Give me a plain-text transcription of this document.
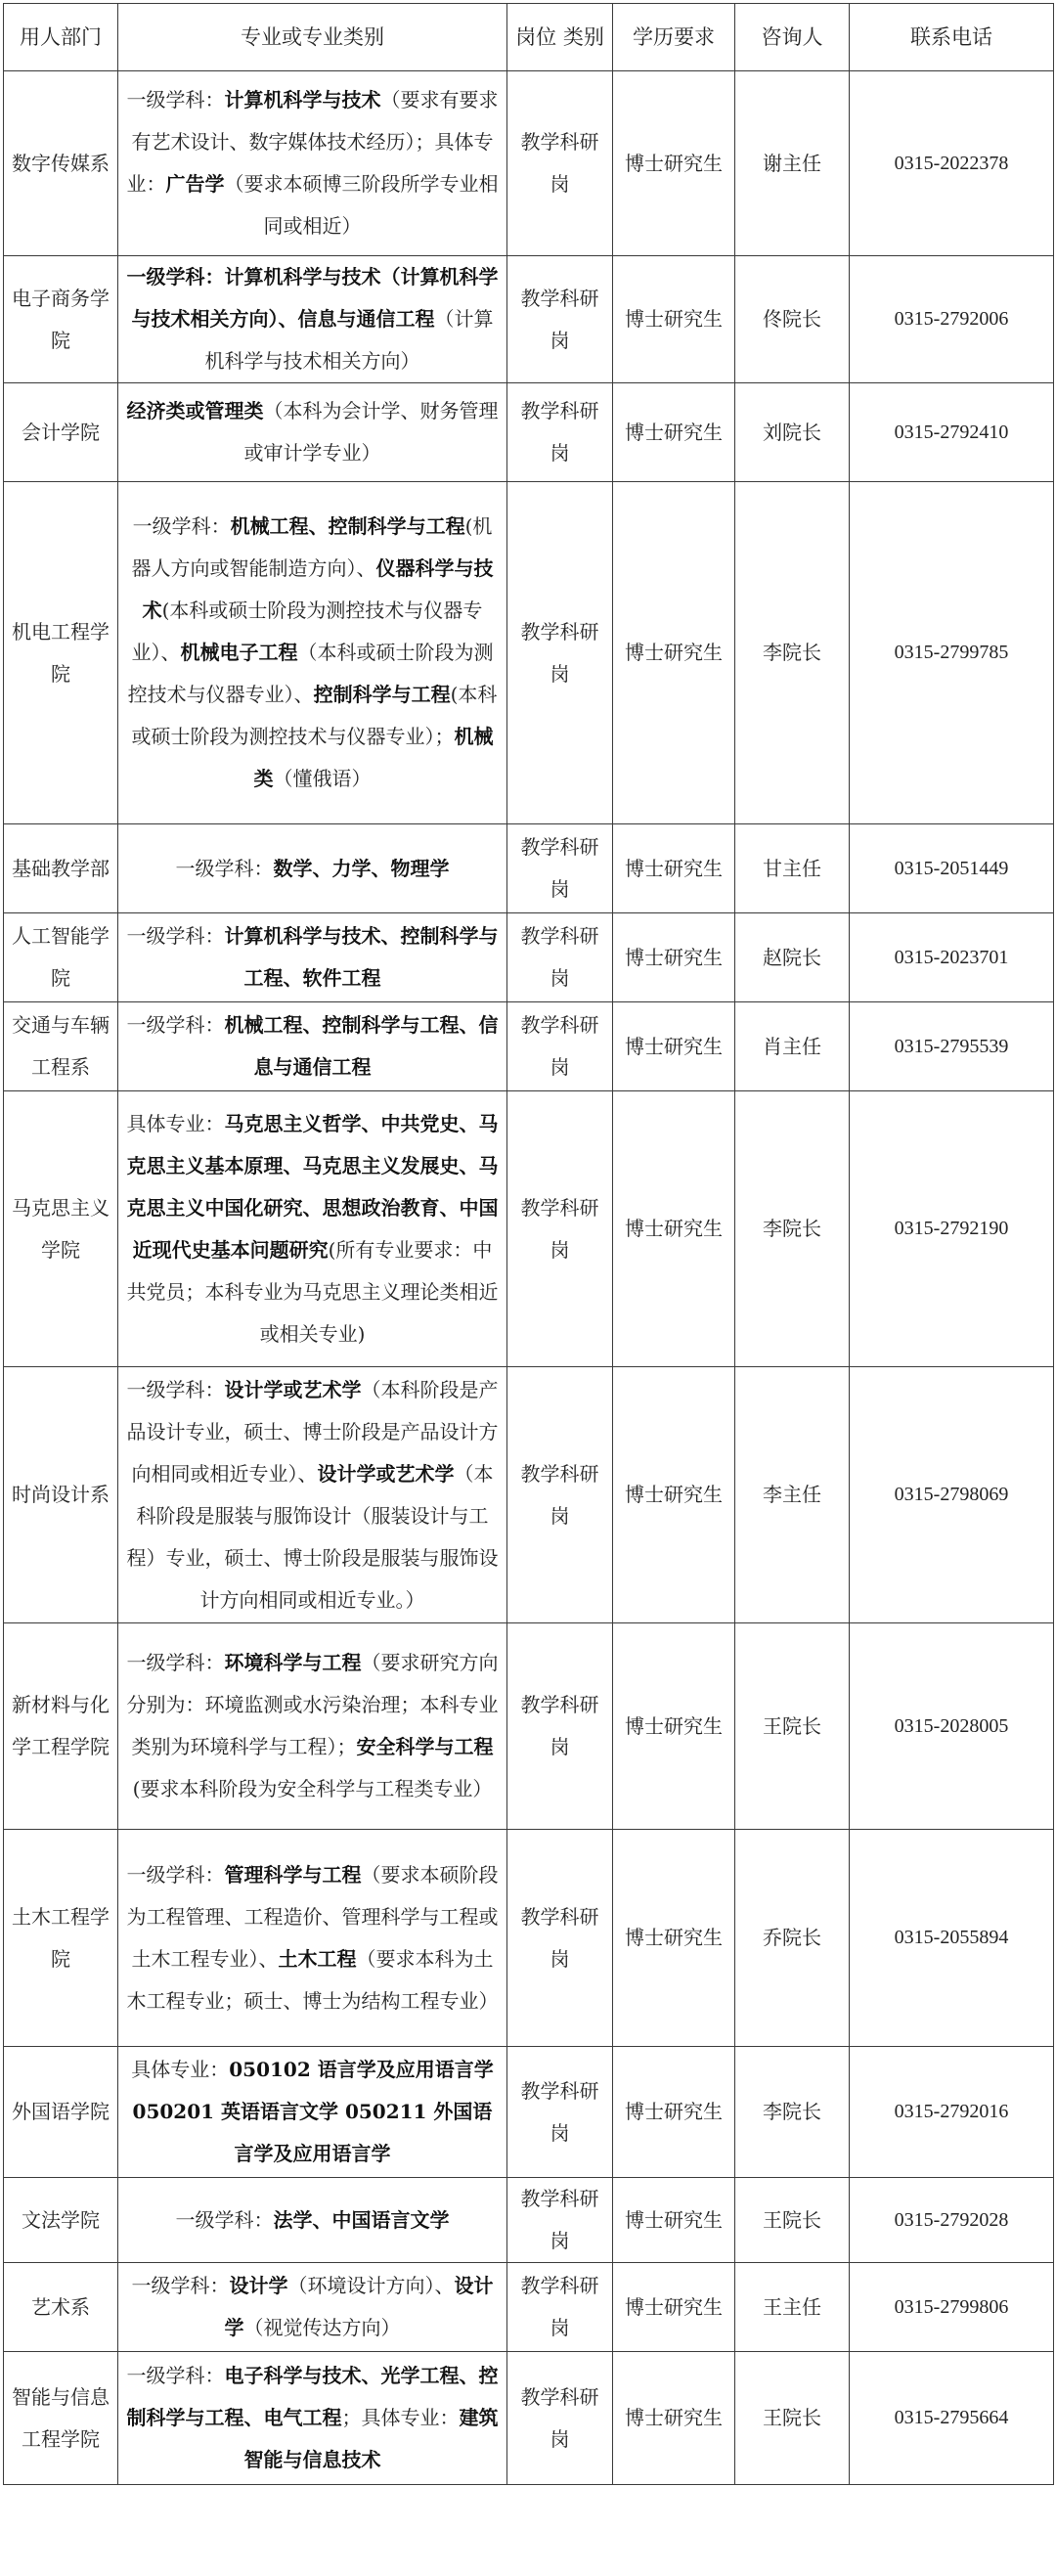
用人部门	专业或专业类别	岗位 类别	学历要求	咨询人	联系电话
数字传媒系	一级学科：计算机科学与技术（要求有要求有艺术设计、数字媒体技术经历）；具体专业：广告学（要求本硕博三阶段所学专业相同或相近）	教学科研岗	博士研究生	谢主任	0315-2022378
电子商务学院	一级学科：计算机科学与技术（计算机科学与技术相关方向）、信息与通信工程（计算机科学与技术相关方向）	教学科研岗	博士研究生	佟院长	0315-2792006
会计学院	经济类或管理类（本科为会计学、财务管理或审计学专业）	教学科研岗	博士研究生	刘院长	0315-2792410
机电工程学院	一级学科：机械工程、控制科学与工程(机器人方向或智能制造方向）、仪器科学与技术(本科或硕士阶段为测控技术与仪器专业）、机械电子工程（本科或硕士阶段为测控技术与仪器专业）、控制科学与工程(本科或硕士阶段为测控技术与仪器专业）；机械类（懂俄语）	教学科研岗	博士研究生	李院长	0315-2799785
基础教学部	一级学科：数学、力学、物理学	教学科研岗	博士研究生	甘主任	0315-2051449
人工智能学院	一级学科：计算机科学与技术、控制科学与工程、软件工程	教学科研岗	博士研究生	赵院长	0315-2023701
交通与车辆工程系	一级学科：机械工程、控制科学与工程、信息与通信工程	教学科研岗	博士研究生	肖主任	0315-2795539
马克思主义学院	具体专业：马克思主义哲学、中共党史、马克思主义基本原理、马克思主义发展史、马克思主义中国化研究、思想政治教育、中国近现代史基本问题研究(所有专业要求：中共党员；本科专业为马克思主义理论类相近或相关专业)	教学科研岗	博士研究生	李院长	0315-2792190
时尚设计系	一级学科：设计学或艺术学（本科阶段是产品设计专业，硕士、博士阶段是产品设计方向相同或相近专业）、设计学或艺术学（本科阶段是服装与服饰设计（服装设计与工程）专业，硕士、博士阶段是服装与服饰设计方向相同或相近专业。）	教学科研岗	博士研究生	李主任	0315-2798069
新材料与化学工程学院	一级学科：环境科学与工程（要求研究方向分别为：环境监测或水污染治理；本科专业类别为环境科学与工程）；安全科学与工程(要求本科阶段为安全科学与工程类专业）	教学科研岗	博士研究生	王院长	0315-2028005
土木工程学院	一级学科：管理科学与工程（要求本硕阶段为工程管理、工程造价、管理科学与工程或土木工程专业）、土木工程（要求本科为土木工程专业；硕士、博士为结构工程专业）	教学科研岗	博士研究生	乔院长	0315-2055894
外国语学院	具体专业：050102 语言学及应用语言学 050201 英语语言文学 050211 外国语言学及应用语言学	教学科研岗	博士研究生	李院长	0315-2792016
文法学院	一级学科：法学、中国语言文学	教学科研岗	博士研究生	王院长	0315-2792028
艺术系	一级学科：设计学（环境设计方向）、设计学（视觉传达方向）	教学科研岗	博士研究生	王主任	0315-2799806
智能与信息工程学院	一级学科：电子科学与技术、光学工程、控制科学与工程、电气工程；具体专业：建筑智能与信息技术	教学科研岗	博士研究生	王院长	0315-2795664
